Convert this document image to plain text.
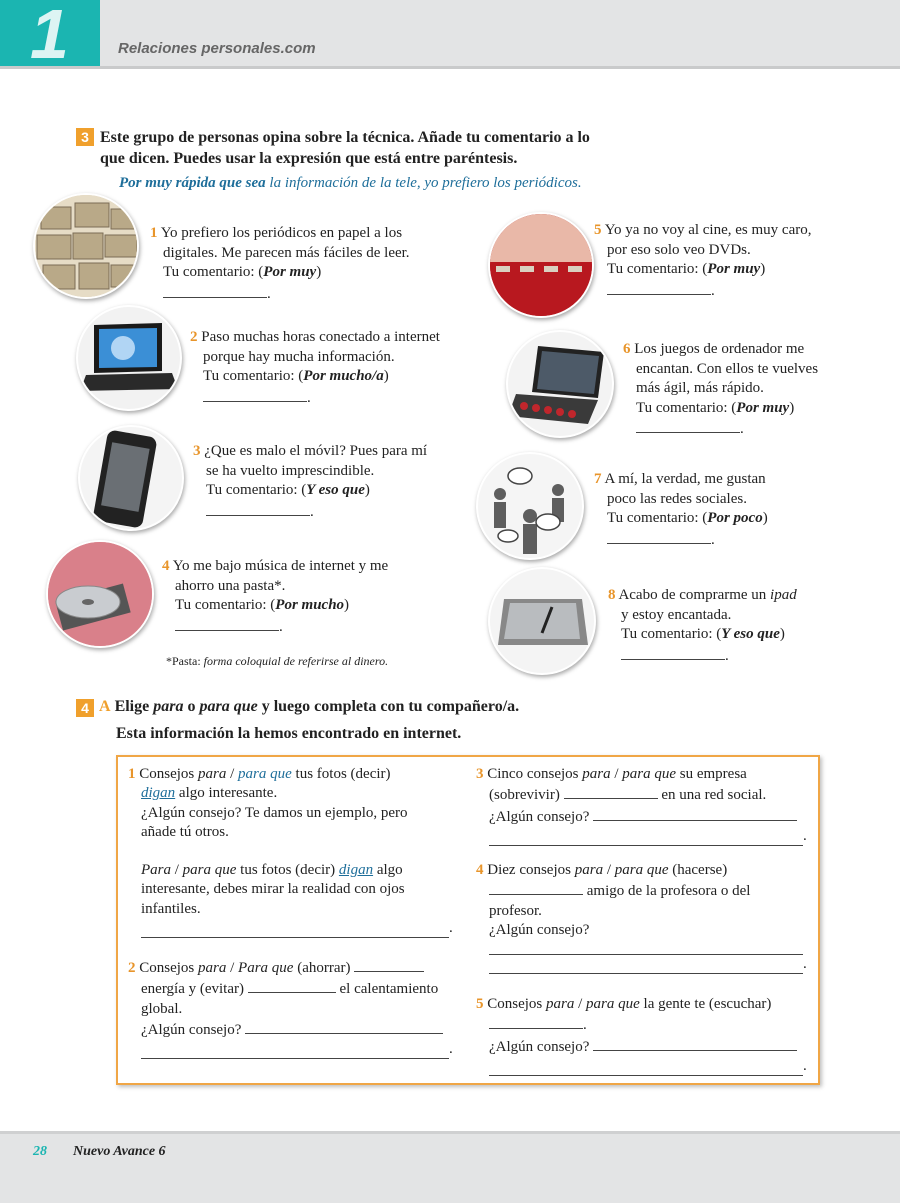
1	Relaciones personales.com
3 Este grupo de personas opina sobre la técnica. Añade tu comentario a lo
que dicen. Puedes usar la expresión que está entre paréntesis.
Por muy rápida que sea la información de la tele, yo prefiero los periódicos.
1 Yo prefiero los periódicos en papel a los
digitales. Me parecen más fáciles de leer.
Tu comentario: (Por muy)
.
2 Paso muchas horas conectado a internet
porque hay mucha información.
Tu comentario: (Por mucho/a)
.
3 ¿Que es malo el móvil? Pues para mí
se ha vuelto imprescindible.
Tu comentario: (Y eso que)
.
4 Yo me bajo música de internet y me
ahorro una pasta*.
Tu comentario: (Por mucho)
.
*Pasta: forma coloquial de referirse al dinero.
5 Yo ya no voy al cine, es muy caro,
por eso solo veo DVDs.
Tu comentario: (Por muy)
.
6 Los juegos de ordenador me
encantan. Con ellos te vuelves
más ágil, más rápido.
Tu comentario: (Por muy)
.
7 A mí, la verdad, me gustan
poco las redes sociales.
Tu comentario: (Por poco)
.
8 Acabo de comprarme un ipad
y estoy encantada.
Tu comentario: (Y eso que)
.
4 A Elige para o para que y luego completa con tu compañero/a.
Esta información la hemos encontrado en internet.
1 Consejos para / para que tus fotos (decir)
digan algo interesante.
¿Algún consejo? Te damos un ejemplo, pero
añade tú otros.
Para / para que tus fotos (decir) digan algo
interesante, debes mirar la realidad con ojos
infantiles.
.
2 Consejos para / Para que (ahorrar)
energía y (evitar)	el calentamiento
global.
¿Algún consejo?
.
3 Cinco consejos para / para que su empresa
(sobrevivir)	en una red social.
¿Algún consejo?
.
4 Diez consejos para / para que (hacerse)
amigo de la profesora o del
profesor.
¿Algún consejo?
.
5 Consejos para / para que la gente te (escuchar)
.
¿Algún consejo?
.
28 Nuevo Avance 6
